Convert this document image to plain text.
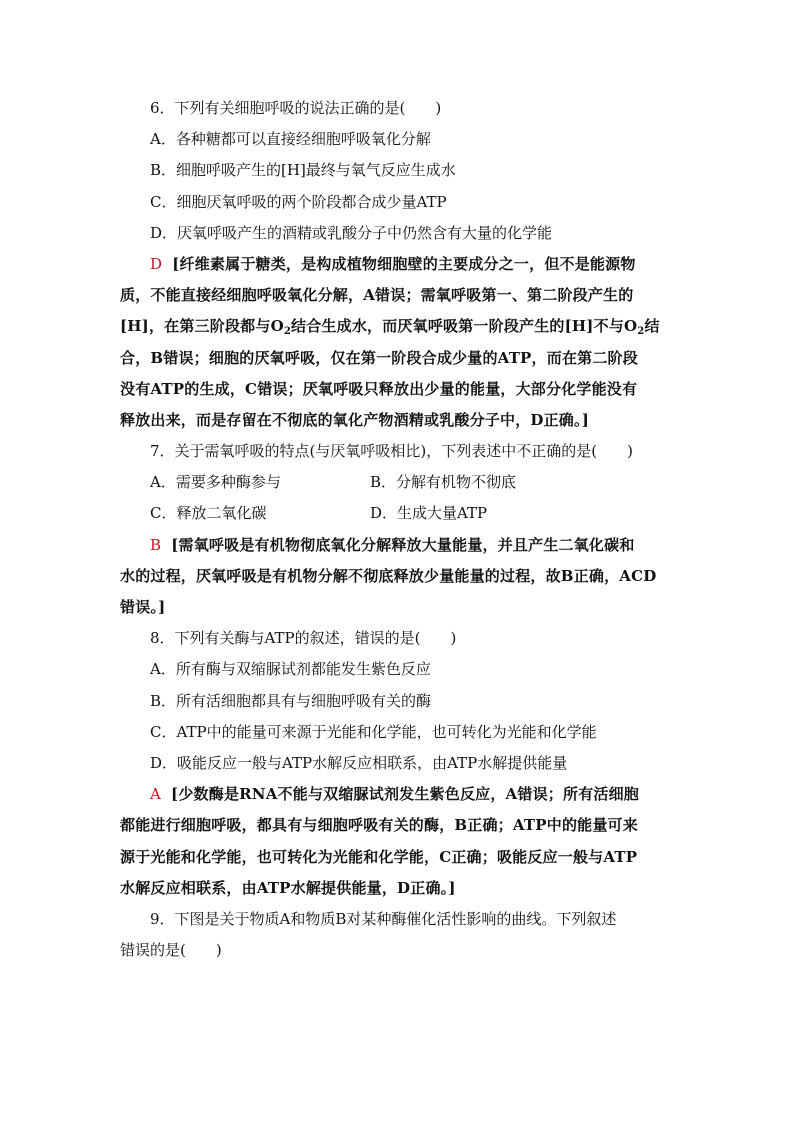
6．下列有关细胞呼吸的说法正确的是(　　)
A．各种糖都可以直接经细胞呼吸氧化分解
B．细胞呼吸产生的[H]最终与氧气反应生成水
C．细胞厌氧呼吸的两个阶段都合成少量ATP
D．厌氧呼吸产生的酒精或乳酸分子中仍然含有大量的化学能
D [纤维素属于糖类，是构成植物细胞壁的主要成分之一，但不是能源物
质，不能直接经细胞呼吸氧化分解，A错误；需氧呼吸第一、第二阶段产生的
[H]，在第三阶段都与$O_2$结合生成水，而厌氧呼吸第一阶段产生的[H]不与$O_2$结
合，B错误；细胞的厌氧呼吸，仅在第一阶段合成少量的ATP，而在第二阶段
没有ATP的生成，C错误；厌氧呼吸只释放出少量的能量，大部分化学能没有
释放出来，而是存留在不彻底的氧化产物酒精或乳酸分子中，D正确。]
7．关于需氧呼吸的特点(与厌氧呼吸相比)，下列表述中不正确的是(　　)
A．需要多种酶参与	B．分解有机物不彻底
C．释放二氧化碳	D．生成大量ATP
B [需氧呼吸是有机物彻底氧化分解释放大量能量，并且产生二氧化碳和
水的过程，厌氧呼吸是有机物分解不彻底释放少量能量的过程，故B正确，ACD
错误。]
8．下列有关酶与ATP的叙述，错误的是(　　)
A．所有酶与双缩脲试剂都能发生紫色反应
B．所有活细胞都具有与细胞呼吸有关的酶
C．ATP中的能量可来源于光能和化学能，也可转化为光能和化学能
D．吸能反应一般与ATP水解反应相联系，由ATP水解提供能量
A [少数酶是RNA不能与双缩脲试剂发生紫色反应，A错误；所有活细胞
都能进行细胞呼吸，都具有与细胞呼吸有关的酶，B正确；ATP中的能量可来
源于光能和化学能，也可转化为光能和化学能，C正确；吸能反应一般与ATP
水解反应相联系，由ATP水解提供能量，D正确。]
9．下图是关于物质A和物质B对某种酶催化活性影响的曲线。下列叙述
错误的是(　　)
